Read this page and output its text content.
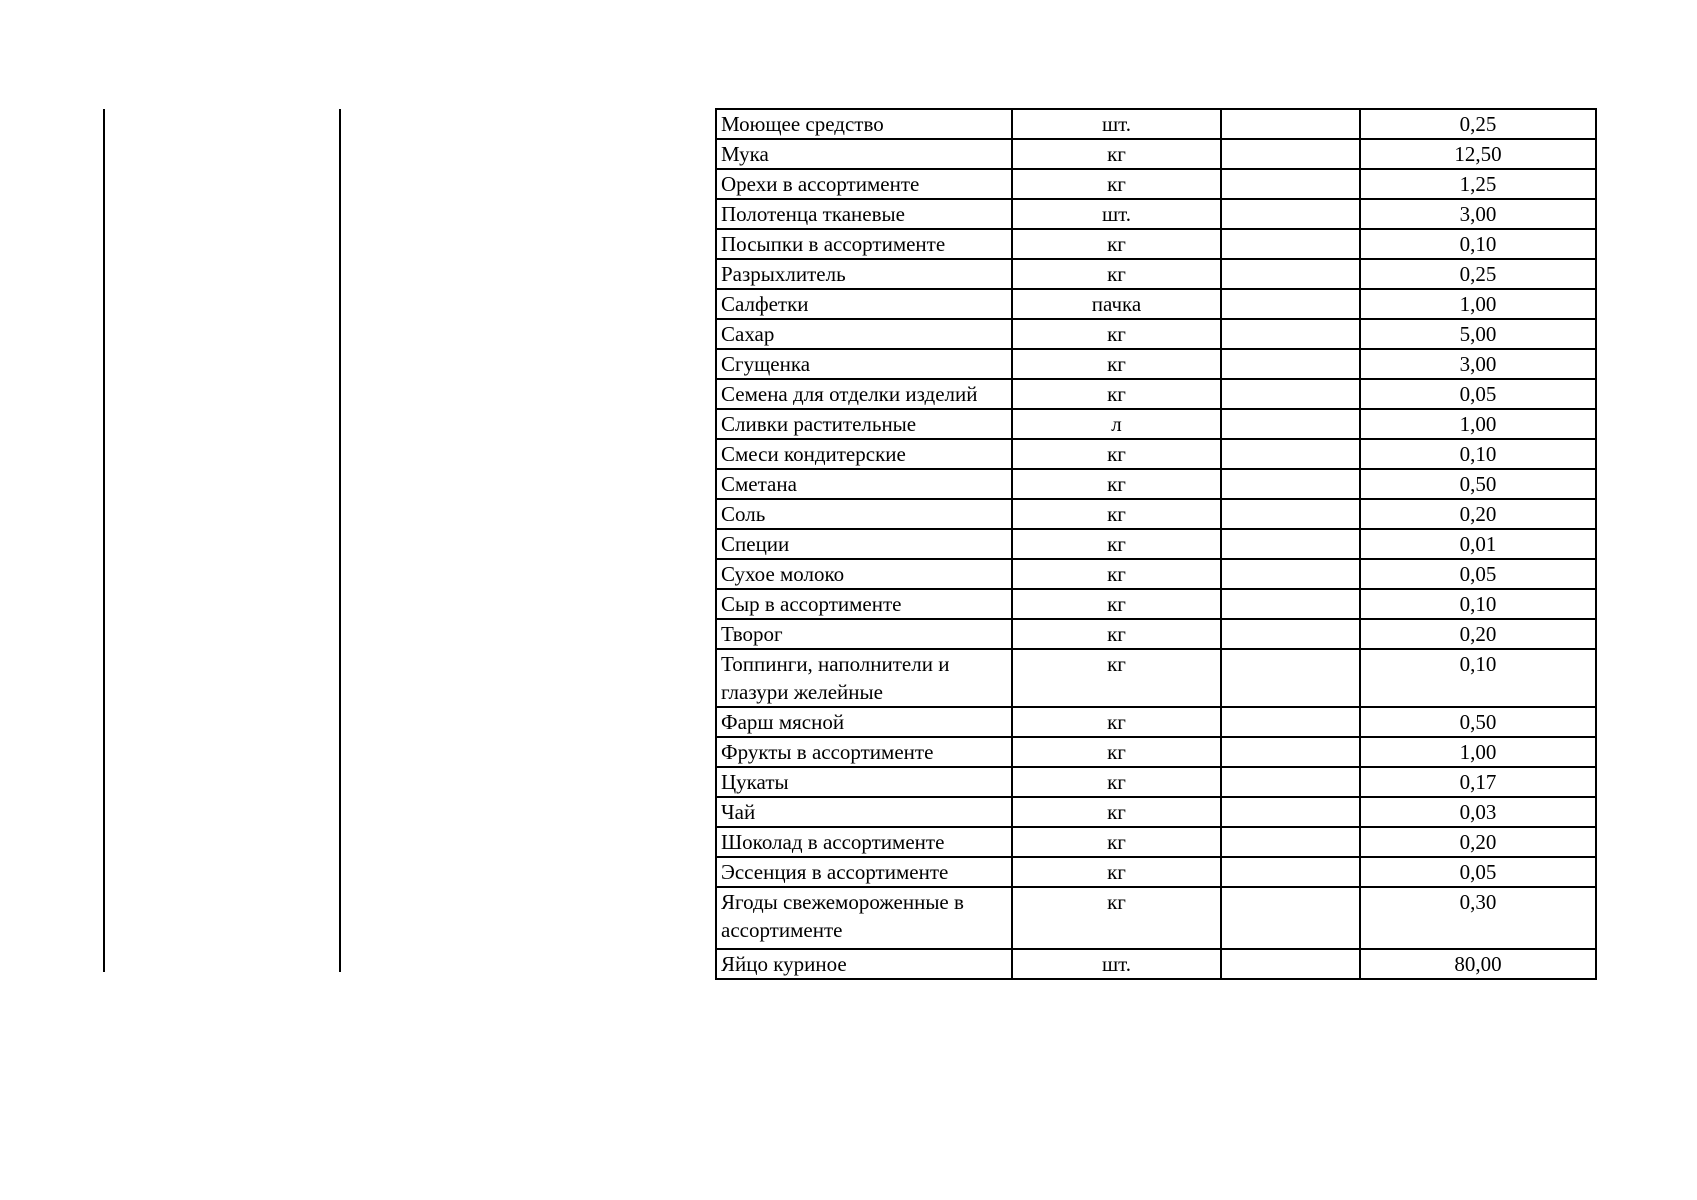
Моющее средство	шт.		0,25
Мука	кг		12,50
Орехи в ассортименте	кг		1,25
Полотенца тканевые	шт.		3,00
Посыпки в ассортименте	кг		0,10
Разрыхлитель	кг		0,25
Салфетки	пачка		1,00
Сахар	кг		5,00
Сгущенка	кг		3,00
Семена для отделки изделий	кг		0,05
Сливки растительные	л		1,00
Смеси кондитерские	кг		0,10
Сметана	кг		0,50
Соль	кг		0,20
Специи	кг		0,01
Сухое молоко	кг		0,05
Сыр в ассортименте	кг		0,10
Творог	кг		0,20
Топпинги, наполнители и глазури желейные	кг		0,10
Фарш мясной	кг		0,50
Фрукты в ассортименте	кг		1,00
Цукаты	кг		0,17
Чай	кг		0,03
Шоколад в ассортименте	кг		0,20
Эссенция в ассортименте	кг		0,05
Ягоды свежемороженные в ассортименте	кг		0,30
Яйцо куриное	шт.		80,00
